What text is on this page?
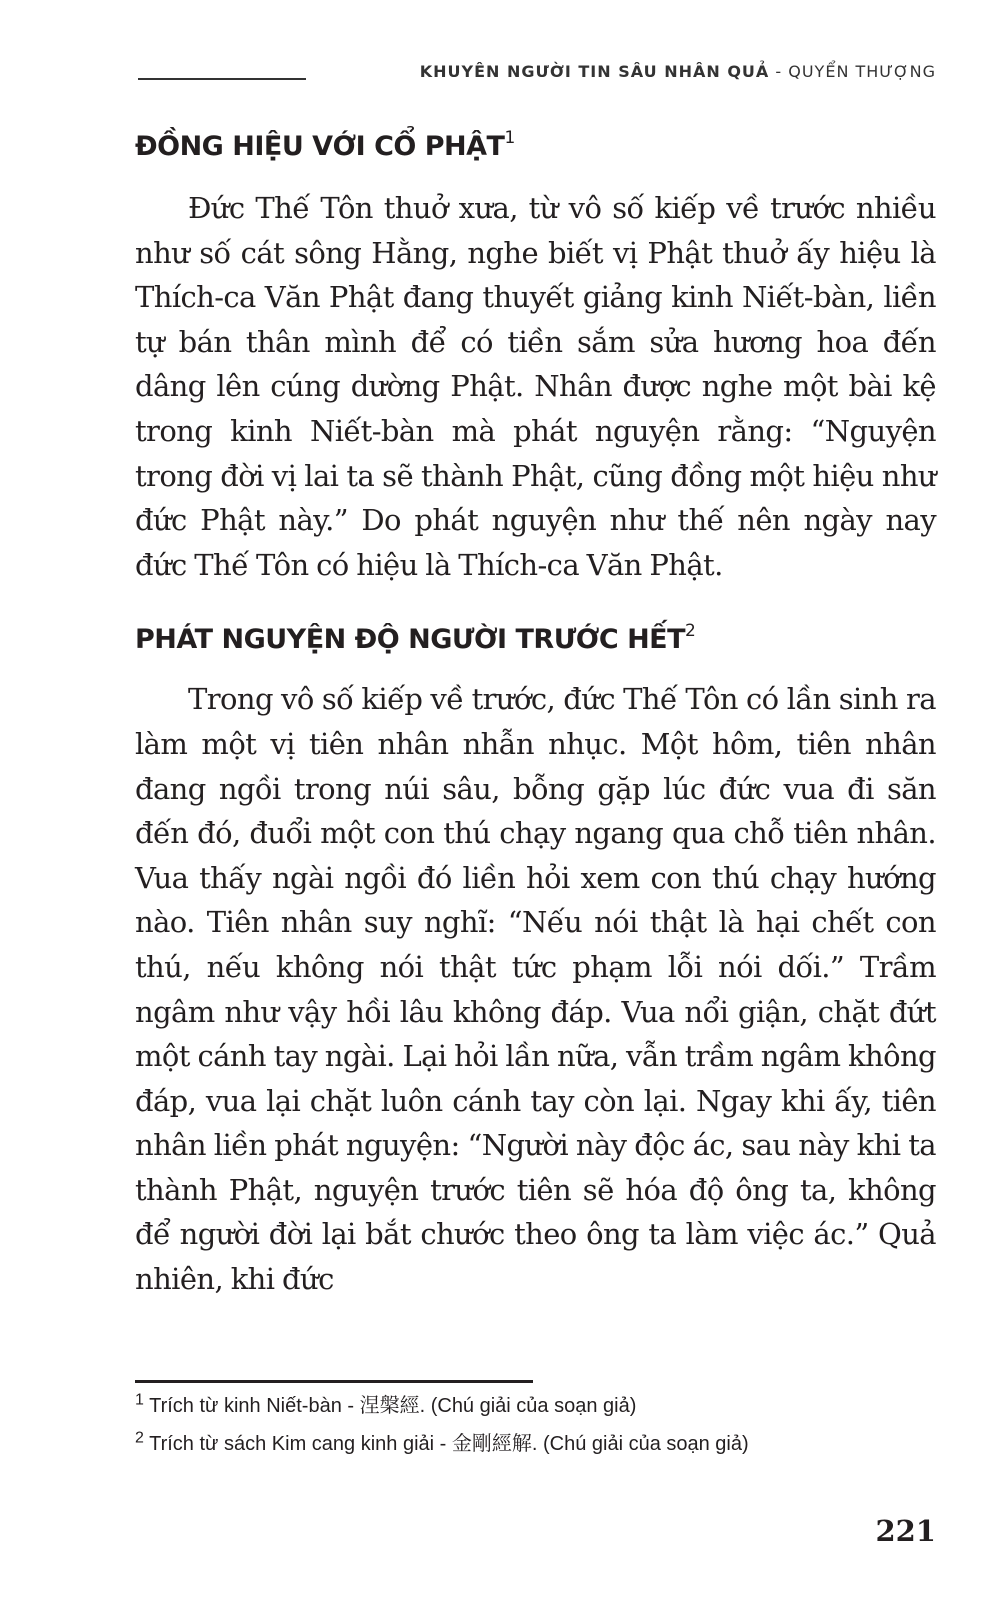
KHUYÊN NGƯỜI TIN SÂU NHÂN QUẢ - QUYỂN THƯỢNG
ĐỒNG HIỆU VỚI CỔ PHẬT$^1$

Đức Thế Tôn thuở xưa, từ vô số kiếp về trước nhiều như số cát sông Hằng, nghe biết vị Phật thuở ấy hiệu là Thích-ca Văn Phật đang thuyết giảng kinh Niết-bàn, liền tự bán thân mình để có tiền sắm sửa hương hoa đến dâng lên cúng dường Phật. Nhân được nghe một bài kệ trong kinh Niết-bàn mà phát nguyện rằng: “Nguyện trong đời vị lai ta sẽ thành Phật, cũng đồng một hiệu như đức Phật này.” Do phát nguyện như thế nên ngày nay đức Thế Tôn có hiệu là Thích-ca Văn Phật.

PHÁT NGUYỆN ĐỘ NGƯỜI TRƯỚC HẾT$^2$

Trong vô số kiếp về trước, đức Thế Tôn có lần sinh ra làm một vị tiên nhân nhẫn nhục. Một hôm, tiên nhân đang ngồi trong núi sâu, bỗng gặp lúc đức vua đi săn đến đó, đuổi một con thú chạy ngang qua chỗ tiên nhân. Vua thấy ngài ngồi đó liền hỏi xem con thú chạy hướng nào. Tiên nhân suy nghĩ: “Nếu nói thật là hại chết con thú, nếu không nói thật tức phạm lỗi nói dối.” Trầm ngâm như vậy hồi lâu không đáp. Vua nổi giận, chặt đứt một cánh tay ngài. Lại hỏi lần nữa, vẫn trầm ngâm không đáp, vua lại chặt luôn cánh tay còn lại. Ngay khi ấy, tiên nhân liền phát nguyện: “Người này độc ác, sau này khi ta thành Phật, nguyện trước tiên sẽ hóa độ ông ta, không để người đời lại bắt chước theo ông ta làm việc ác.” Quả nhiên, khi đức

$^1$ Trích từ kinh Niết-bàn - 涅槃經. (Chú giải của soạn giả)
$^2$ Trích từ sách Kim cang kinh giải - 金剛經解. (Chú giải của soạn giả)
221
